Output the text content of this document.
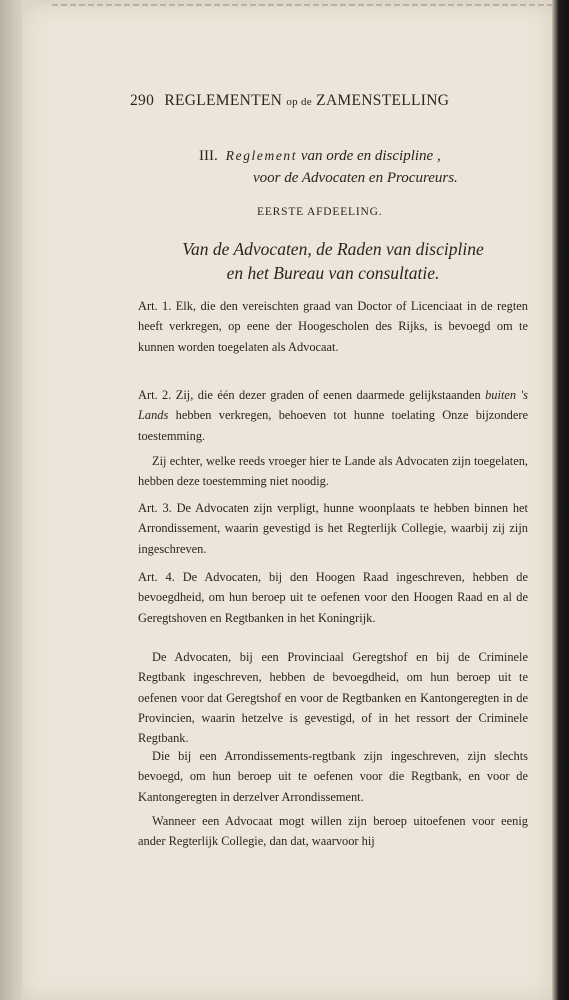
290 REGLEMENTEN op de ZAMENSTELLING
III. Reglement van orde en discipline ,
voor de Advocaten en Procureurs.
EERSTE AFDEELING.
Van de Advocaten, de Raden van discipline
en het Bureau van consultatie.
Art. 1. Elk, die den vereischten graad van Doctor of Licenciaat in de regten heeft verkregen, op eene der Hoogescholen des Rijks, is bevoegd om te kunnen worden toegelaten als Advocaat.
Art. 2. Zij, die één dezer graden of eenen daarmede gelijkstaanden buiten 's Lands hebben verkregen, behoeven tot hunne toelating Onze bijzondere toestemming.
Zij echter, welke reeds vroeger hier te Lande als Advocaten zijn toegelaten, hebben deze toestemming niet noodig.
Art. 3. De Advocaten zijn verpligt, hunne woonplaats te hebben binnen het Arrondissement, waarin gevestigd is het Regterlijk Collegie, waarbij zij zijn ingeschreven.
Art. 4. De Advocaten, bij den Hoogen Raad ingeschreven, hebben de bevoegdheid, om hun beroep uit te oefenen voor den Hoogen Raad en al de Geregtshoven en Regtbanken in het Koningrijk.
De Advocaten, bij een Provinciaal Geregtshof en bij de Criminele Regtbank ingeschreven, hebben de bevoegdheid, om hun beroep uit te oefenen voor dat Geregtshof en voor de Regtbanken en Kantongeregten in de Provincien, waarin hetzelve is gevestigd, of in het ressort der Criminele Regtbank.
Die bij een Arrondissements-regtbank zijn ingeschreven, zijn slechts bevoegd, om hun beroep uit te oefenen voor die Regtbank, en voor de Kantongeregten in derzelver Arrondissement.
Wanneer een Advocaat mogt willen zijn beroep uitoefenen voor eenig ander Regterlijk Collegie, dan dat, waarvoor hij
